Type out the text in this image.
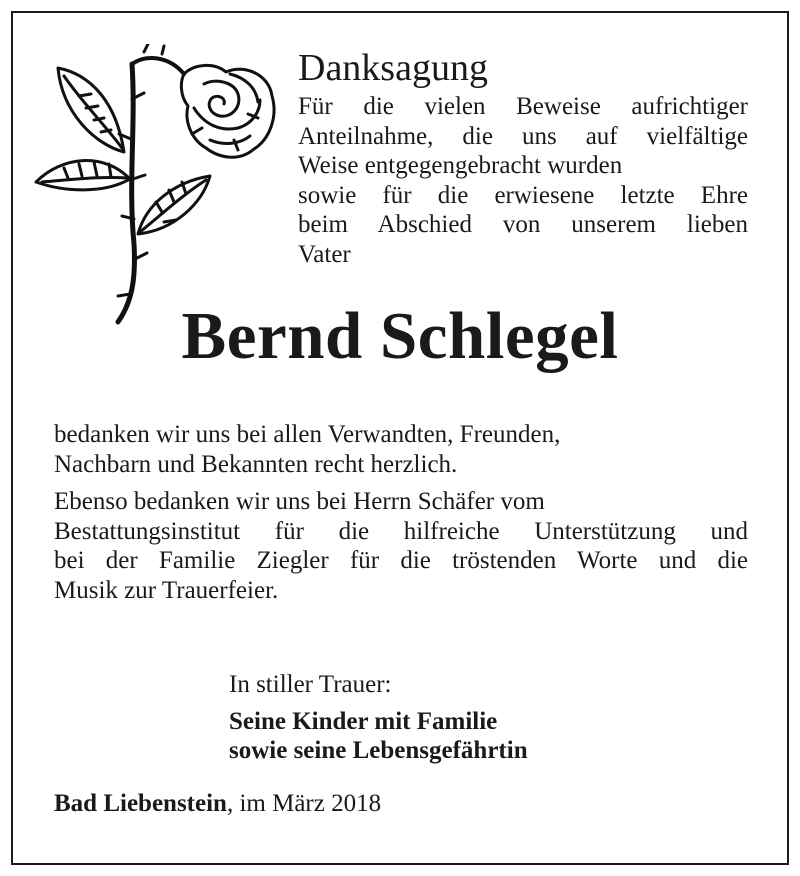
Danksagung
Für die vielen Beweise aufrichtiger
Anteilnahme, die uns auf vielfältige
Weise entgegengebracht wurden
sowie für die erwiesene letzte Ehre
beim Abschied von unserem lieben
Vater
Bernd Schlegel
bedanken wir uns bei allen Verwandten, Freunden,
Nachbarn und Bekannten recht herzlich.
Ebenso bedanken wir uns bei Herrn Schäfer vom
Bestattungsinstitut für die hilfreiche Unterstützung und
bei der Familie Ziegler für die tröstenden Worte und die
Musik zur Trauerfeier.
In stiller Trauer:
Seine Kinder mit Familie
sowie seine Lebensgefährtin
Bad Liebenstein, im März 2018
